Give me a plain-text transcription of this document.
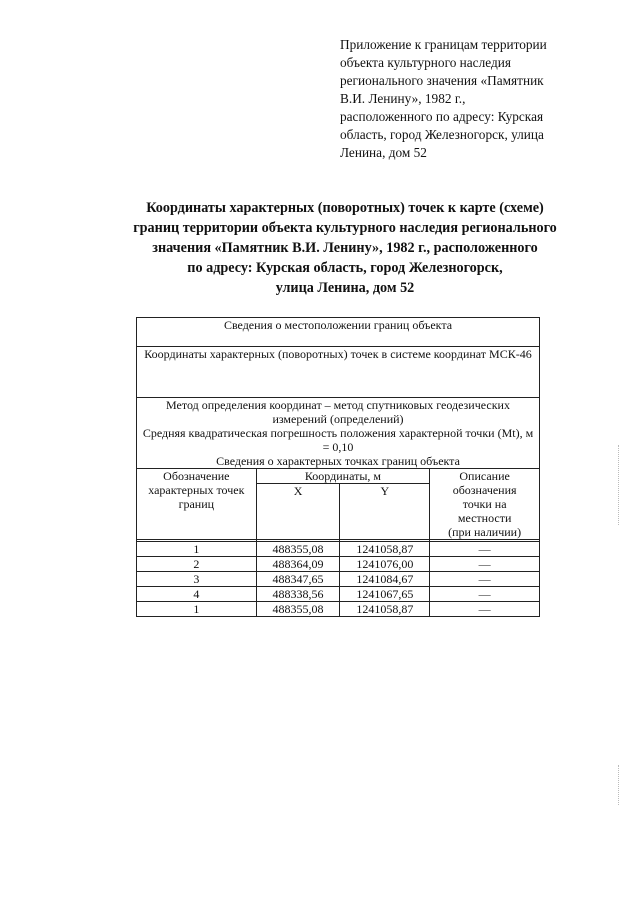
Приложение к границам территории
объекта культурного наследия
регионального значения «Памятник
В.И. Ленину», 1982 г.,
расположенного по адресу: Курская
область, город Железногорск, улица
Ленина, дом 52
Координаты характерных (поворотных) точек к карте (схеме)
границ территории объекта культурного наследия регионального
значения «Памятник В.И. Ленину», 1982 г., расположенного
по адресу: Курская область, город Железногорск,
улица Ленина, дом 52
Сведения о местоположении границ объекта			
Координаты характерных (поворотных) точек в системе координат МСК-46			

Метод определения координат – метод спутниковых геодезических измерений (определений)
Средняя квадратическая погрешность положения характерной точки (Mt), м = 0,10
Сведения о характерных точках границ объекта			

Обозначение характерных точек границ	Координаты, м		Описание
обозначения
точки на
местности
(при наличии)

	X	Y	

1	488355,08	1241058,87	—
2	488364,09	1241076,00	—
3	488347,65	1241084,67	—
4	488338,56	1241067,65	—
1	488355,08	1241058,87	—
